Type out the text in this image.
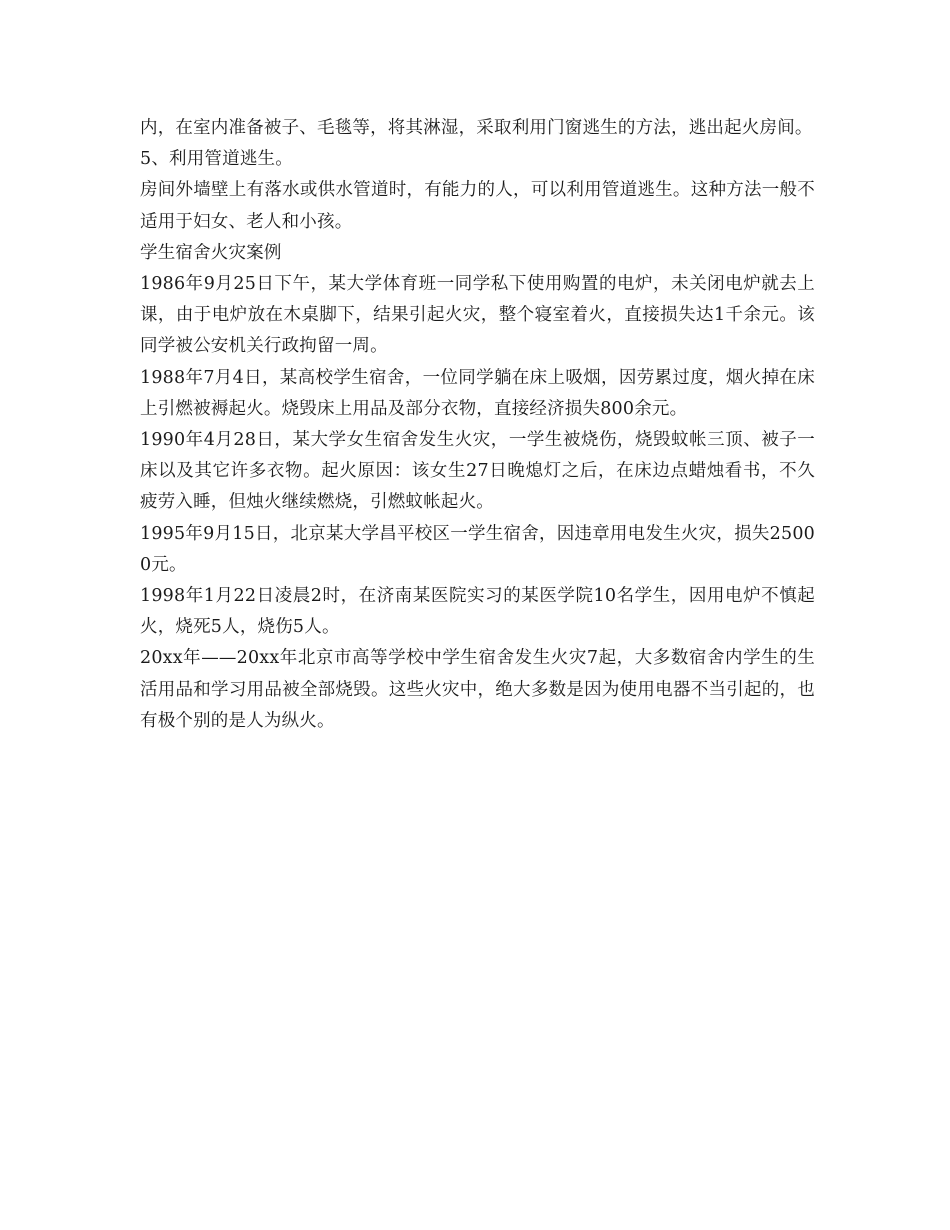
内，在室内准备被子、毛毯等，将其淋湿，采取利用门窗逃生的方法，逃出起火房间。

5、利用管道逃生。

房间外墙壁上有落水或供水管道时，有能力的人，可以利用管道逃生。这种方法一般不适用于妇女、老人和小孩。

学生宿舍火灾案例

1986年9月25日下午，某大学体育班一同学私下使用购置的电炉，未关闭电炉就去上课，由于电炉放在木桌脚下，结果引起火灾，整个寝室着火，直接损失达1千余元。该同学被公安机关行政拘留一周。

1988年7月4日，某高校学生宿舍，一位同学躺在床上吸烟，因劳累过度，烟火掉在床上引燃被褥起火。烧毁床上用品及部分衣物，直接经济损失800余元。

1990年4月28日，某大学女生宿舍发生火灾，一学生被烧伤，烧毁蚊帐三顶、被子一床以及其它许多衣物。起火原因：该女生27日晚熄灯之后，在床边点蜡烛看书，不久疲劳入睡，但烛火继续燃烧，引燃蚊帐起火。

1995年9月15日，北京某大学昌平校区一学生宿舍，因违章用电发生火灾，损失25000元。

1998年1月22日凌晨2时，在济南某医院实习的某医学院10名学生，因用电炉不慎起火，烧死5人，烧伤5人。

20xx年——20xx年北京市高等学校中学生宿舍发生火灾7起，大多数宿舍内学生的生活用品和学习用品被全部烧毁。这些火灾中，绝大多数是因为使用电器不当引起的，也有极个别的是人为纵火。
